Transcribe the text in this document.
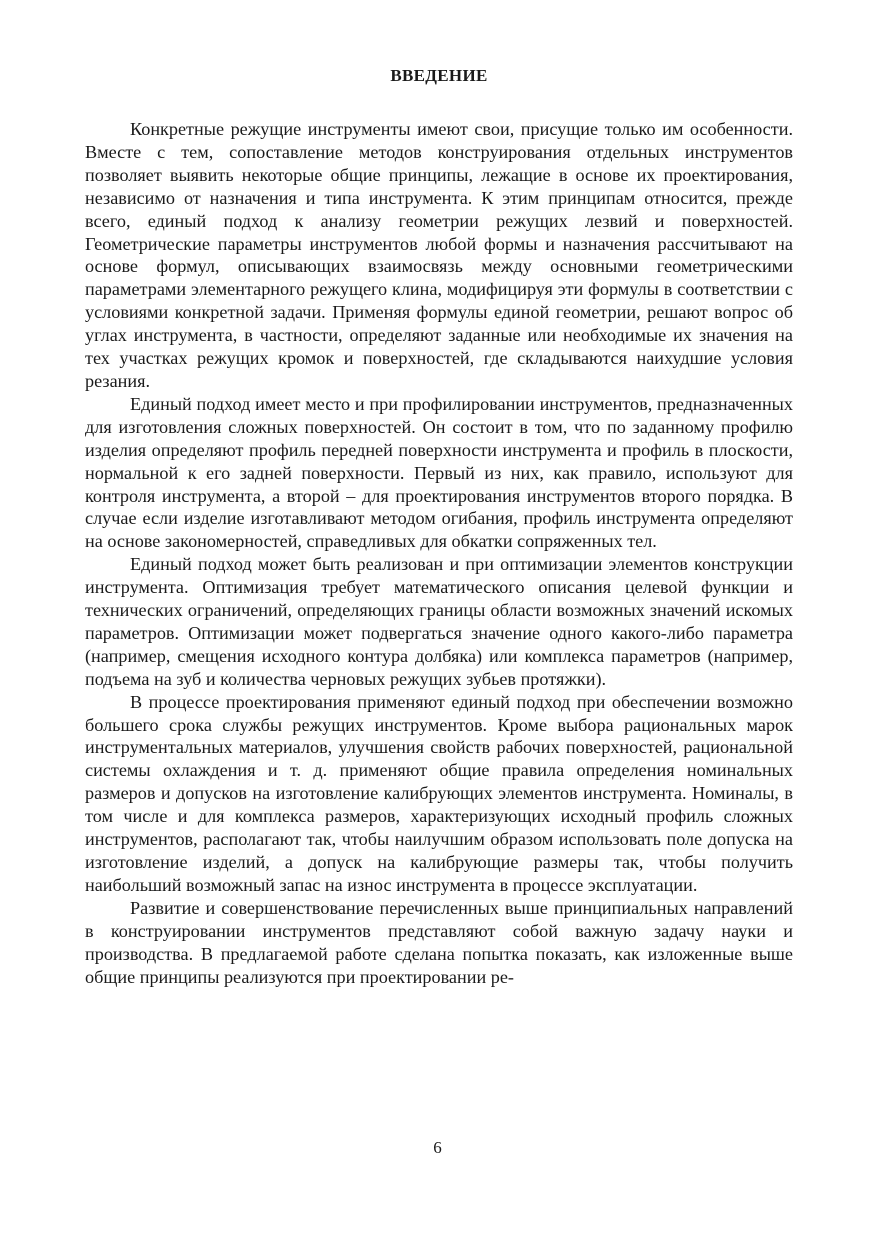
ВВЕДЕНИЕ

Конкретные режущие инструменты имеют свои, присущие только им особенности. Вместе с тем, сопоставление методов конструирования отдельных инструментов позволяет выявить некоторые общие принципы, лежащие в основе их проектирования, независимо от назначения и типа инструмента. К этим принципам относится, прежде всего, единый подход к анализу геометрии режущих лезвий и поверхностей. Геометрические параметры инструментов любой формы и назначения рассчитывают на основе формул, описывающих взаимосвязь между основными геометрическими параметрами элементарного режущего клина, модифицируя эти формулы в соответствии с условиями конкретной задачи. Применяя формулы единой геометрии, решают вопрос об углах инструмента, в частности, определяют заданные или необходимые их значения на тех участках режущих кромок и поверхностей, где складываются наихудшие условия резания.

Единый подход имеет место и при профилировании инструментов, предназначенных для изготовления сложных поверхностей. Он состоит в том, что по заданному профилю изделия определяют профиль передней поверхности инструмента и профиль в плоскости, нормальной к его задней поверхности. Первый из них, как правило, используют для контроля инструмента, а второй – для проектирования инструментов второго порядка. В случае если изделие изготавливают методом огибания, профиль инструмента определяют на основе закономерностей, справедливых для обкатки сопряженных тел.

Единый подход может быть реализован и при оптимизации элементов конструкции инструмента. Оптимизация требует математического описания целевой функции и технических ограничений, определяющих границы области возможных значений искомых параметров. Оптимизации может подвергаться значение одного какого-либо параметра (например, смещения исходного контура долбяка) или комплекса параметров (например, подъема на зуб и количества черновых режущих зубьев протяжки).

В процессе проектирования применяют единый подход при обеспечении возможно большего срока службы режущих инструментов. Кроме выбора рациональных марок инструментальных материалов, улучшения свойств рабочих поверхностей, рациональной системы охлаждения и т. д. применяют общие правила определения номинальных размеров и допусков на изготовление калибрующих элементов инструмента. Номиналы, в том числе и для комплекса размеров, характеризующих исходный профиль сложных инструментов, располагают так, чтобы наилучшим образом использовать поле допуска на изготовление изделий, а допуск на калибрующие размеры так, чтобы получить наибольший возможный запас на износ инструмента в процессе эксплуатации.

Развитие и совершенствование перечисленных выше принципиальных направлений в конструировании инструментов представляют собой важную задачу науки и производства. В предлагаемой работе сделана попытка показать, как изложенные выше общие принципы реализуются при проектировании ре-

6
